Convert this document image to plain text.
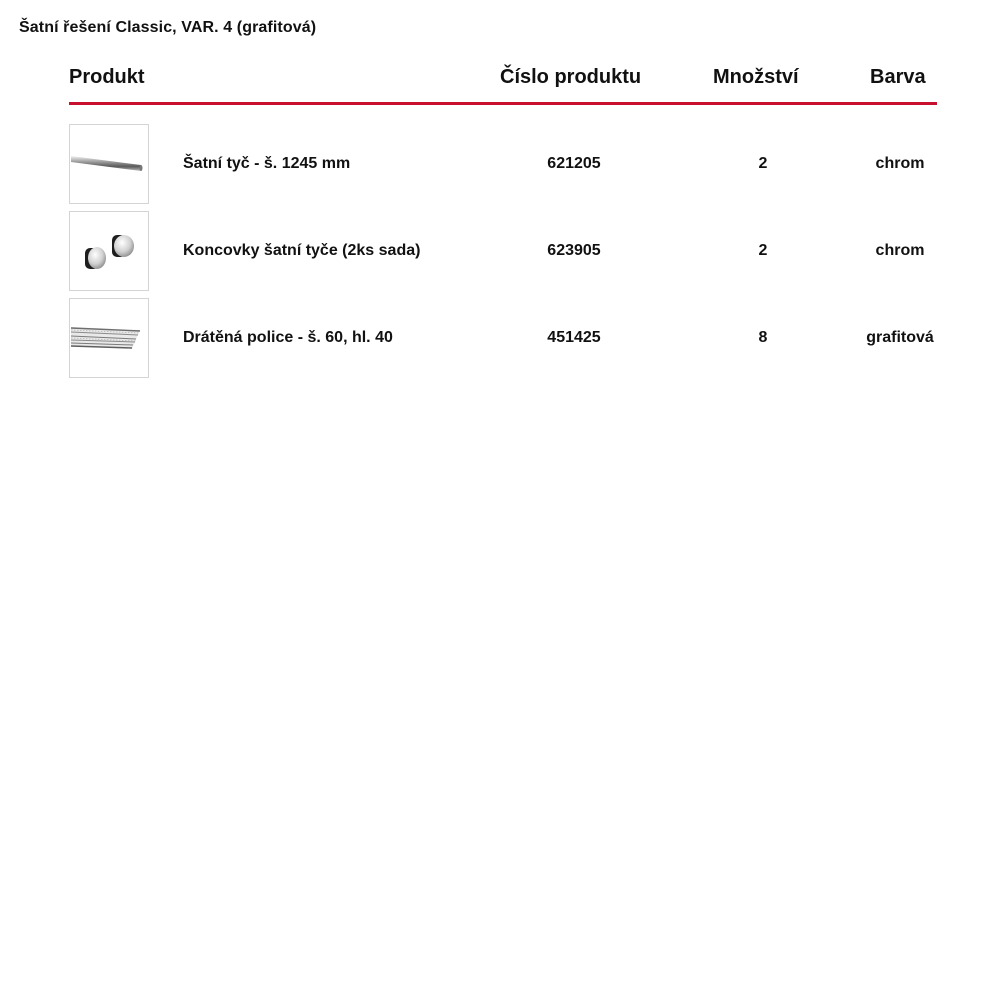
Šatní řešení Classic, VAR. 4 (grafitová)
Produkt	Číslo produktu	Množství	Barva
Šatní tyč - š. 1245 mm	621205	2	chrom
Koncovky šatní tyče (2ks sada)	623905	2	chrom
Drátěná police - š. 60, hl. 40	451425	8	grafitová
